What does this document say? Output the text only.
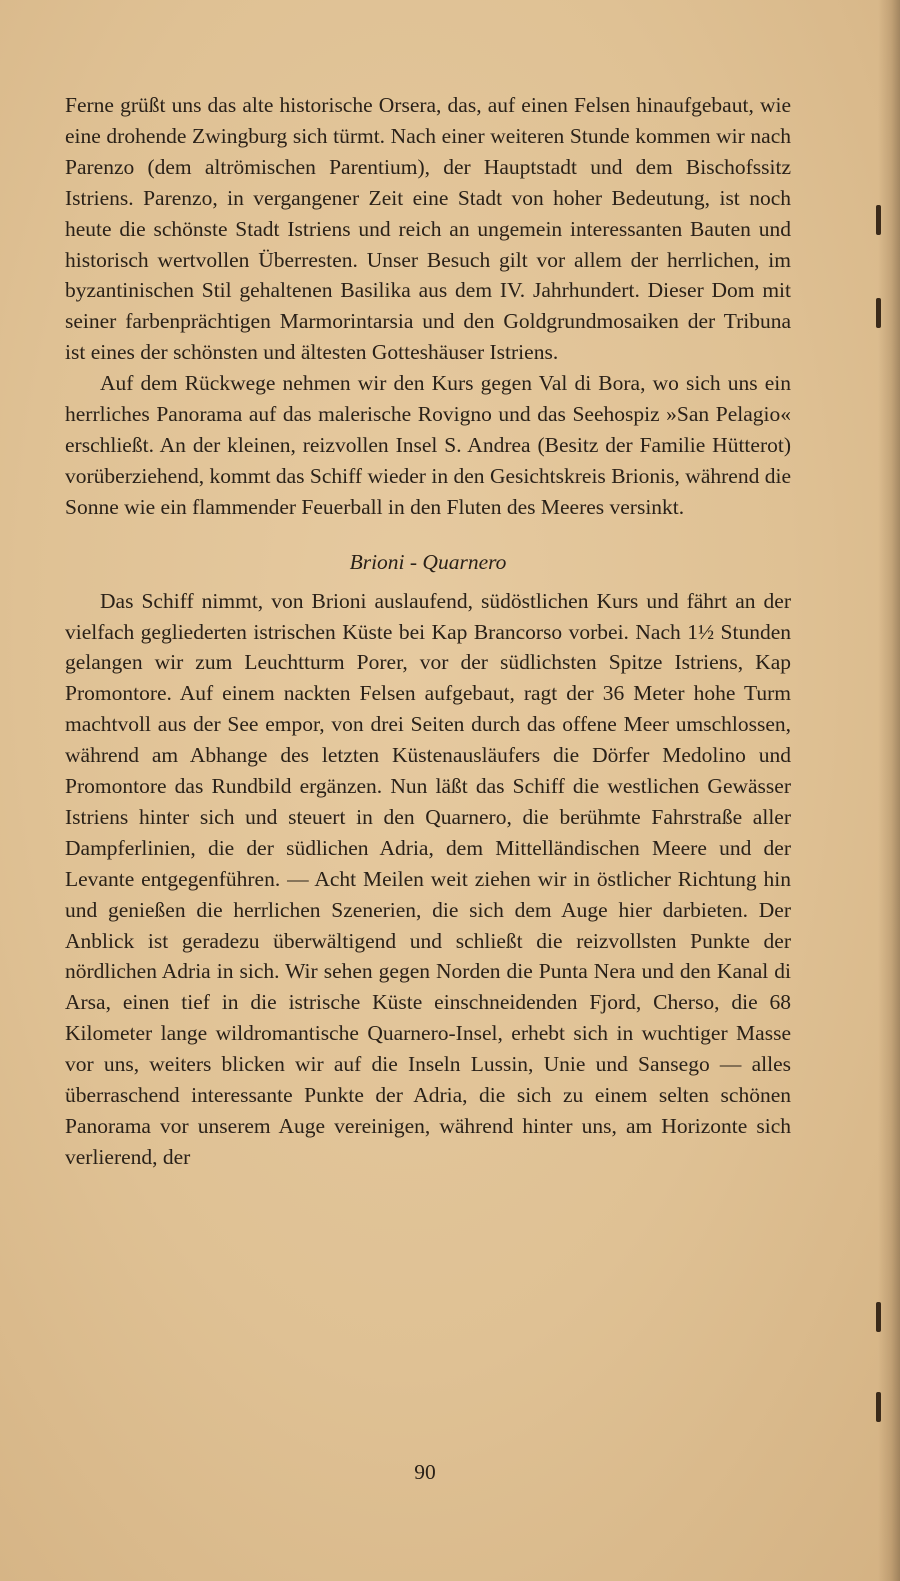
Ferne grüßt uns das alte historische Orsera, das, auf einen Felsen hinaufgebaut, wie eine drohende Zwingburg sich türmt. Nach einer weiteren Stunde kommen wir nach Parenzo (dem altrömischen Parentium), der Hauptstadt und dem Bischofssitz Istriens. Parenzo, in vergangener Zeit eine Stadt von hoher Bedeutung, ist noch heute die schönste Stadt Istriens und reich an ungemein interessanten Bauten und historisch wertvollen Überresten. Unser Besuch gilt vor allem der herrlichen, im byzantinischen Stil gehaltenen Basilika aus dem IV. Jahrhundert. Dieser Dom mit seiner farbenprächtigen Marmorintarsia und den Goldgrundmosaiken der Tribuna ist eines der schönsten und ältesten Gotteshäuser Istriens.

Auf dem Rückwege nehmen wir den Kurs gegen Val di Bora, wo sich uns ein herrliches Panorama auf das malerische Rovigno und das Seehospiz »San Pelagio« erschließt. An der kleinen, reizvollen Insel S. Andrea (Besitz der Familie Hütterot) vorüberziehend, kommt das Schiff wieder in den Gesichtskreis Brionis, während die Sonne wie ein flammender Feuerball in den Fluten des Meeres versinkt.

Brioni - Quarnero

Das Schiff nimmt, von Brioni auslaufend, südöstlichen Kurs und fährt an der vielfach gegliederten istrischen Küste bei Kap Brancorso vorbei. Nach 1½ Stunden gelangen wir zum Leuchtturm Porer, vor der südlichsten Spitze Istriens, Kap Promontore. Auf einem nackten Felsen aufgebaut, ragt der 36 Meter hohe Turm machtvoll aus der See empor, von drei Seiten durch das offene Meer umschlossen, während am Abhange des letzten Küstenausläufers die Dörfer Medolino und Promontore das Rundbild ergänzen. Nun läßt das Schiff die westlichen Gewässer Istriens hinter sich und steuert in den Quarnero, die berühmte Fahrstraße aller Dampferlinien, die der südlichen Adria, dem Mittelländischen Meere und der Levante entgegenführen. — Acht Meilen weit ziehen wir in östlicher Richtung hin und genießen die herrlichen Szenerien, die sich dem Auge hier darbieten. Der Anblick ist geradezu überwältigend und schließt die reizvollsten Punkte der nördlichen Adria in sich. Wir sehen gegen Norden die Punta Nera und den Kanal di Arsa, einen tief in die istrische Küste einschneidenden Fjord, Cherso, die 68 Kilometer lange wildromantische Quarnero-Insel, erhebt sich in wuchtiger Masse vor uns, weiters blicken wir auf die Inseln Lussin, Unie und Sansego — alles überraschend interessante Punkte der Adria, die sich zu einem selten schönen Panorama vor unserem Auge vereinigen, während hinter uns, am Horizonte sich verlierend, der

90
